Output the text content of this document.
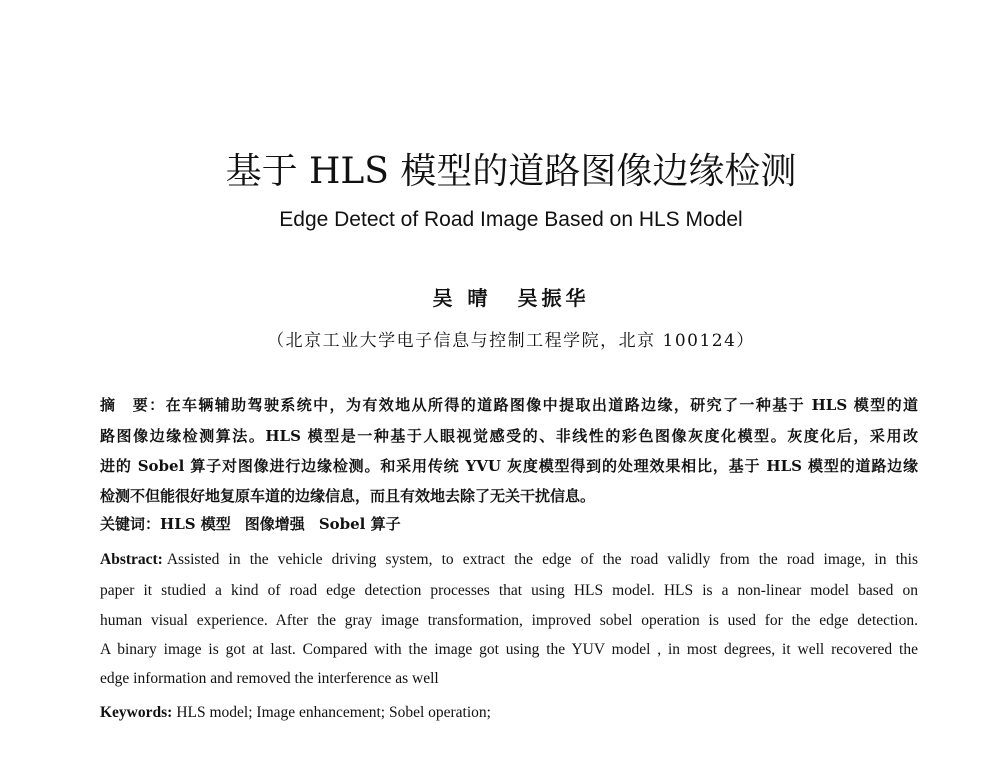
基于 HLS 模型的道路图像边缘检测
Edge Detect of Road Image Based on HLS Model
吴 晴 吴振华
（北京工业大学电子信息与控制工程学院，北京 100124）
摘　要：在车辆辅助驾驶系统中，为有效地从所得的道路图像中提取出道路边缘，研究了一种基于 HLS 模型的道
路图像边缘检测算法。HLS 模型是一种基于人眼视觉感受的、非线性的彩色图像灰度化模型。灰度化后，采用改
进的 Sobel 算子对图像进行边缘检测。和采用传统 YVU 灰度模型得到的处理效果相比，基于 HLS 模型的道路边缘
检测不但能很好地复原车道的边缘信息，而且有效地去除了无关干扰信息。
关键词：HLS 模型 图像增强 Sobel 算子
Abstract: Assisted in the vehicle driving system, to extract the edge of the road validly from the road image, in this
paper it studied a kind of road edge detection processes that using HLS model. HLS is a non-linear model based on
human visual experience. After the gray image transformation, improved sobel operation is used for the edge detection.
A binary image is got at last. Compared with the image got using the YUV model , in most degrees, it well recovered the
edge information and removed the interference as well
Keywords: HLS model; Image enhancement; Sobel operation;
